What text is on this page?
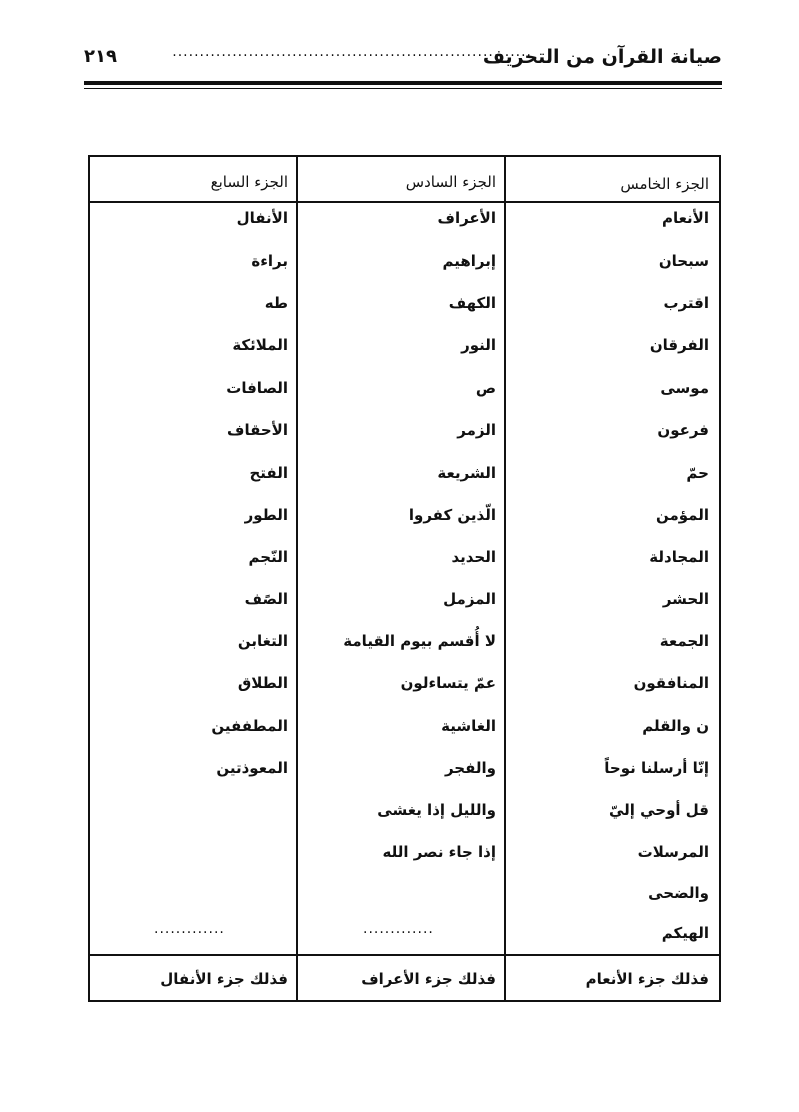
صيانة القرآن من التحريف
..................................................................
٢١٩
الجزء الخامس
الجزء السادس
الجزء السابع
الأنعام
سبحان
اقترب
الفرقان
موسى
فرعون
حمّ
المؤمن
المجادلة
الحشر
الجمعة
المنافقون
ن والقلم
إنّا أرسلنا نوحاً
قل أوحي إليّ
المرسلات
والضحى
الهيكم
الأعراف
إبراهيم
الكهف
النور
ص
الزمر
الشريعة
الّذين كفروا
الحديد
المزمل
لا أُقسم بيوم القيامة
عمّ يتساءلون
الغاشية
والفجر
والليل إذا يغشى
إذا جاء نصر الله
.............
الأنفال
براءة
طه
الملائكة
الصافات
الأحقاف
الفتح
الطور
النّجم
الصًف
التغابن
الطلاق
المطففين
المعوذتين
.............
فذلك جزء الأنعام
فذلك جزء الأعراف
فذلك جزء الأنفال
